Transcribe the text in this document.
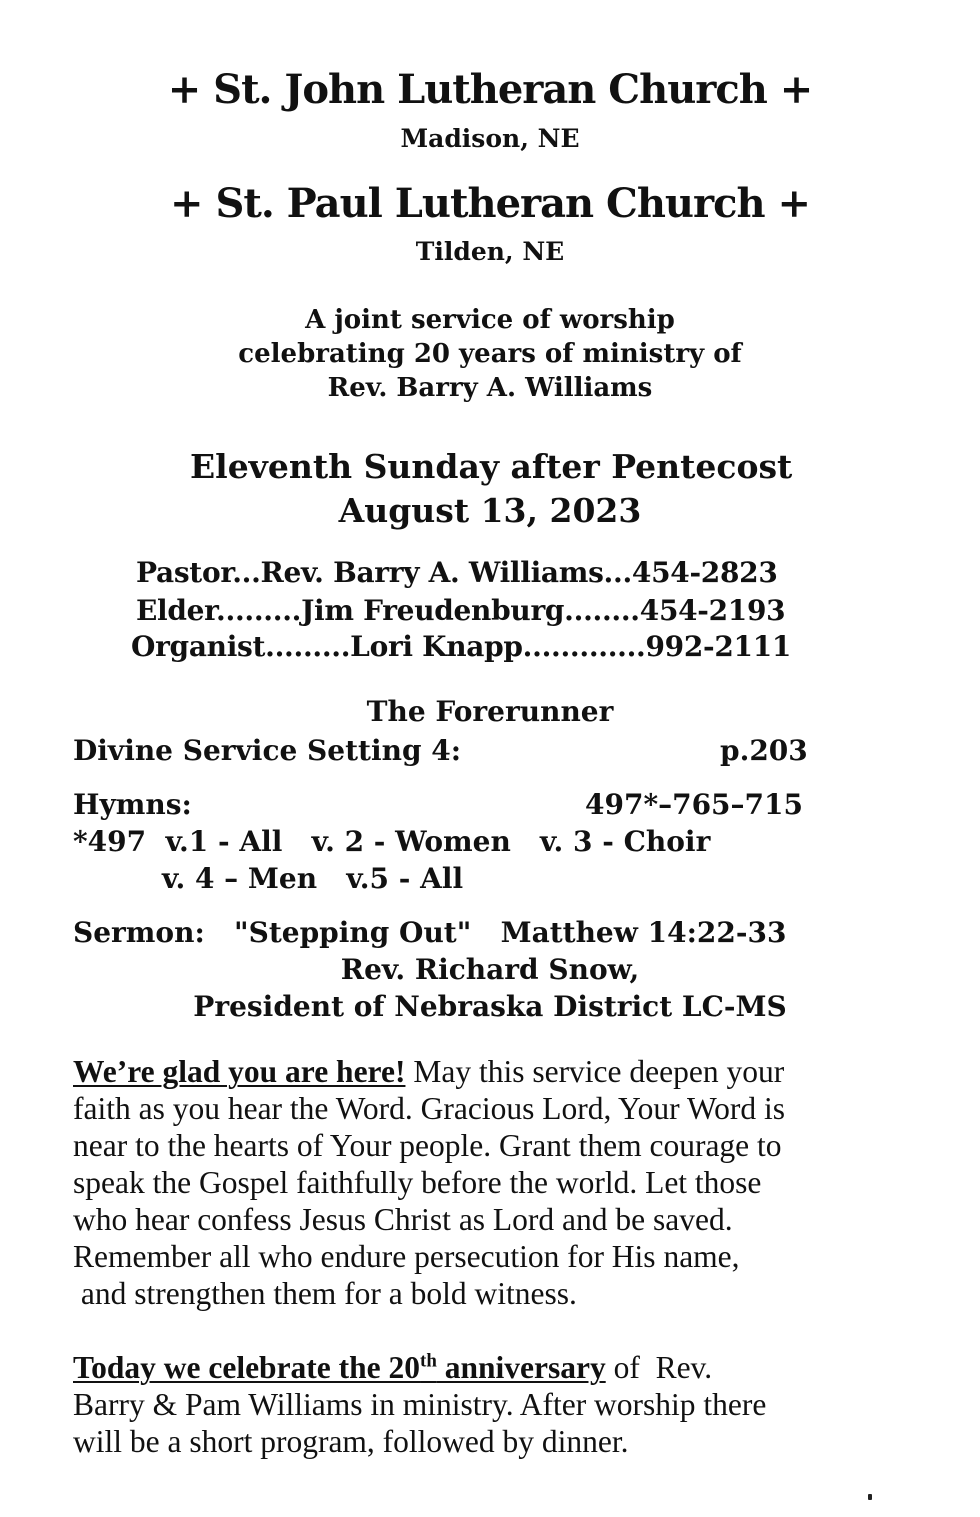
+ St. John Lutheran Church +
Madison, NE
+ St. Paul Lutheran Church +
Tilden, NE
A joint service of worship
celebrating 20 years of ministry of
Rev. Barry A. Williams
Eleventh Sunday after Pentecost
August 13, 2023
Pastor...Rev. Barry A. Williams...454-2823
Elder.........Jim Freudenburg........454-2193
Organist.........Lori Knapp.............992-2111
The Forerunner
Divine Service Setting 4:	p.203
Hymns:	497*–765–715
*497  v.1 - All   v. 2 - Women   v. 3 - Choir
v. 4 – Men   v.5 - All
Sermon:   "Stepping Out"   Matthew 14:22-33
Rev. Richard Snow,
President of Nebraska District LC-MS
We’re glad you are here! May this service deepen your
faith as you hear the Word. Gracious Lord, Your Word is
near to the hearts of Your people. Grant them courage to
speak the Gospel faithfully before the world. Let those
who hear confess Jesus Christ as Lord and be saved.
Remember all who endure persecution for His name,
and strengthen them for a bold witness.
Today we celebrate the 20th anniversary of  Rev.
Barry & Pam Williams in ministry. After worship there
will be a short program, followed by dinner.
